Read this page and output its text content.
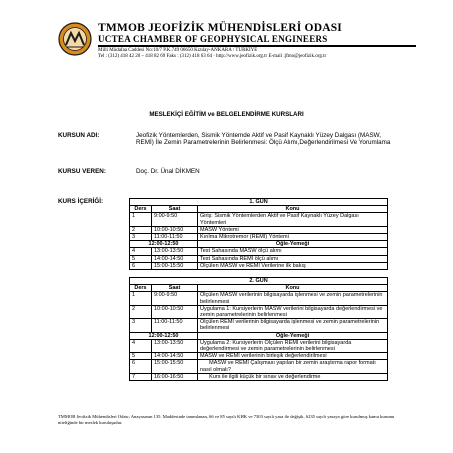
TMMOB JEOFİZİK MÜHENDİSLERİ ODASI
UCTEA CHAMBER OF GEOPHYSICAL ENGINEERS
Milli Müdafaa Caddesi No:10/7 P.K.749 06650 Kızılay-ANKARA / TÜRKİYE
Tel : (312) 418 42 20 – 418 82 69 Faks : (312) 418 63 64 · http://www.jeofizik.org.tr E-mail :jfmo@jeofizik.org.tr
MESLEKİÇİ EĞİTİM ve BELGELENDİRME KURSLARI
KURSUN ADI:	Jeofizik Yöntemlerden, Sismik Yöntemde Aktif ve Pasif Kaynaklı Yüzey Dalgası (MASW, REMİ) İle Zemin Parametrelerinin Belirlenmesi: Ölçü Alımı,Değerlendirilmesi Ve Yorumlama
KURSU VEREN:	Doç. Dr. Ünal DİKMEN
KURS İÇERİĞİ:	1. GÜN		
Ders	Saat	Konu
1	9:00-9:50	Giriş: Sismik Yöntemlerden Aktif ve Pasif Kaynaklı Yüzey Dalgası Yöntemleri
2	10:00-10:50	MASW Yöntemi
3	11:00-11:50	Kırılma Mikrotremor (REMİ) Yöntemi
12:00-12:50		Öğle-Yemeği
4	13:00-13:50	Test Sahasında MASW ölçü alımı
5	14:00-14:50	Test Sahasında REMİ ölçü alımı
6	15:00-15:50	Ölçülen MASW ve REMİ Verilerine ilk bakış
2. GÜN		
Ders	Saat	Konu
1	9:00-9:50	Ölçülen MASW verilerinin bilgisayarda işlenmesi ve zemin parametrelerinin belirlenmesi
2	10:00-10:50	Uygulama 1: Kursiyerlerin MASW verilerini bilgisayarda değerlendirmesi ve zemin parametrelerinin belirlenmesi
3	11:00-11:50	Ölçülen REMİ verilerinin bilgisayarda işlenmesi ve zemin parametrelerinin belirlenmesi
12:00-12:50		Öğle-Yemeği
4	13:00-13:50	Uygulama 2: Kursiyerlerin Ölçülen REMİ verilerini bilgisayarda değerlendirmesi ve zemin parametrelerinin belirlenmesi
5	14:00-14:50	MASW ve REMİ verilerinin birleşik değerlendirilmesi
6	15:00-15:50	MASW ve REMİ Çalışması yapılan bir zemin araştırma rapor formatı nasıl olmalı?
7	16:00-16:50	Kurs ile ilgili küçük bir sınav ve değerlendirme
TMMOB Jeofizik Mühendisleri Odası; Anayasanın 135. Maddesinde tanımlanan, 66 ve 85 sayılı KHK ve 7303 sayılı yasa ile değişik, 6235 sayılı yasaya göre kurulmuş kamu kurumu niteliğinde bir meslek kuruluşudur.
